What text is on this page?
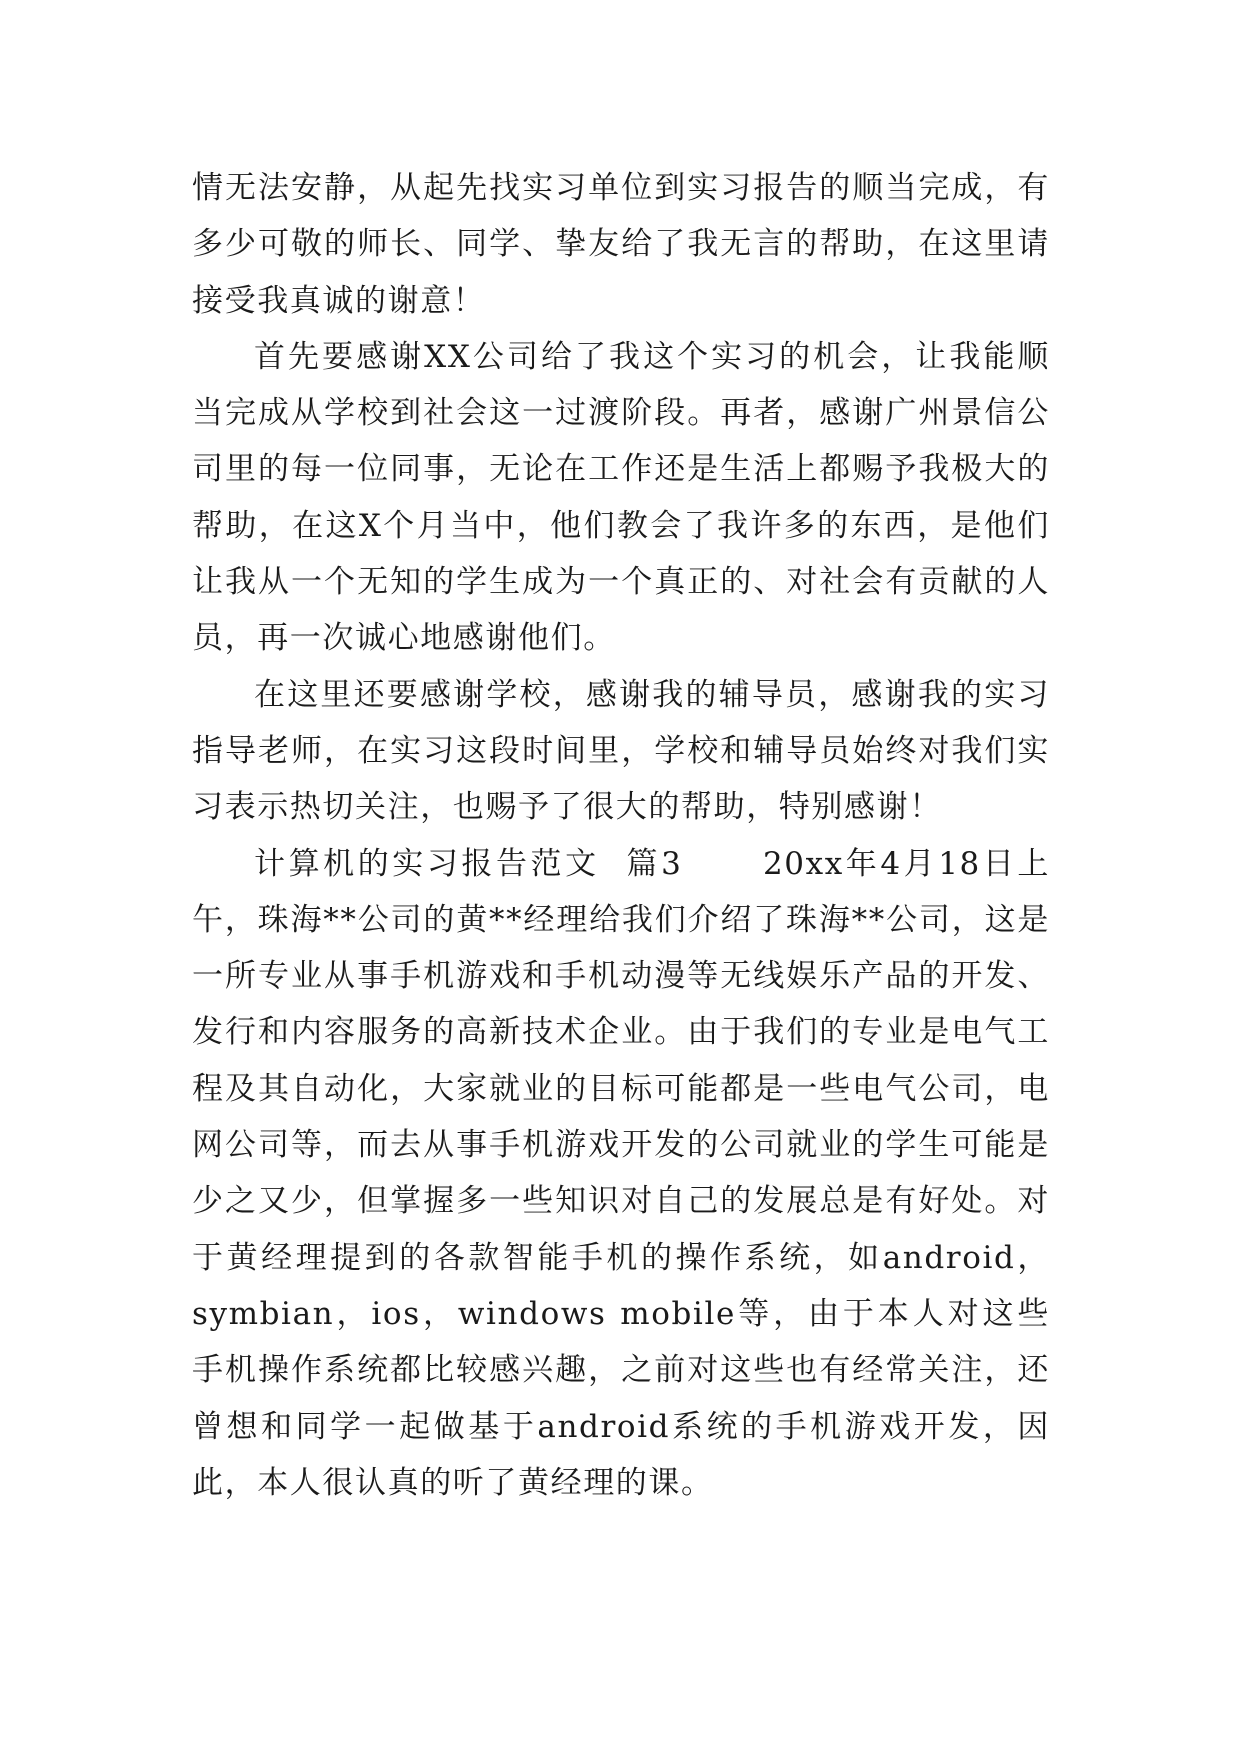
情无法安静，从起先找实习单位到实习报告的顺当完成，有多少可敬的师长、同学、挚友给了我无言的帮助，在这里请接受我真诚的谢意！

首先要感谢XX公司给了我这个实习的机会，让我能顺当完成从学校到社会这一过渡阶段。再者，感谢广州景信公司里的每一位同事，无论在工作还是生活上都赐予我极大的帮助，在这X个月当中，他们教会了我许多的东西，是他们让我从一个无知的学生成为一个真正的、对社会有贡献的人员，再一次诚心地感谢他们。

在这里还要感谢学校，感谢我的辅导员，感谢我的实习指导老师，在实习这段时间里，学校和辅导员始终对我们实习表示热切关注，也赐予了很大的帮助，特别感谢！

计算机的实习报告范文  篇3      20xx年4月18日上午，珠海**公司的黄**经理给我们介绍了珠海**公司，这是一所专业从事手机游戏和手机动漫等无线娱乐产品的开发、发行和内容服务的高新技术企业。由于我们的专业是电气工程及其自动化，大家就业的目标可能都是一些电气公司，电网公司等，而去从事手机游戏开发的公司就业的学生可能是少之又少，但掌握多一些知识对自己的发展总是有好处。对于黄经理提到的各款智能手机的操作系统，如android，symbian，ios，windows mobile等，由于本人对这些手机操作系统都比较感兴趣，之前对这些也有经常关注，还曾想和同学一起做基于android系统的手机游戏开发，因此，本人很认真的听了黄经理的课。
